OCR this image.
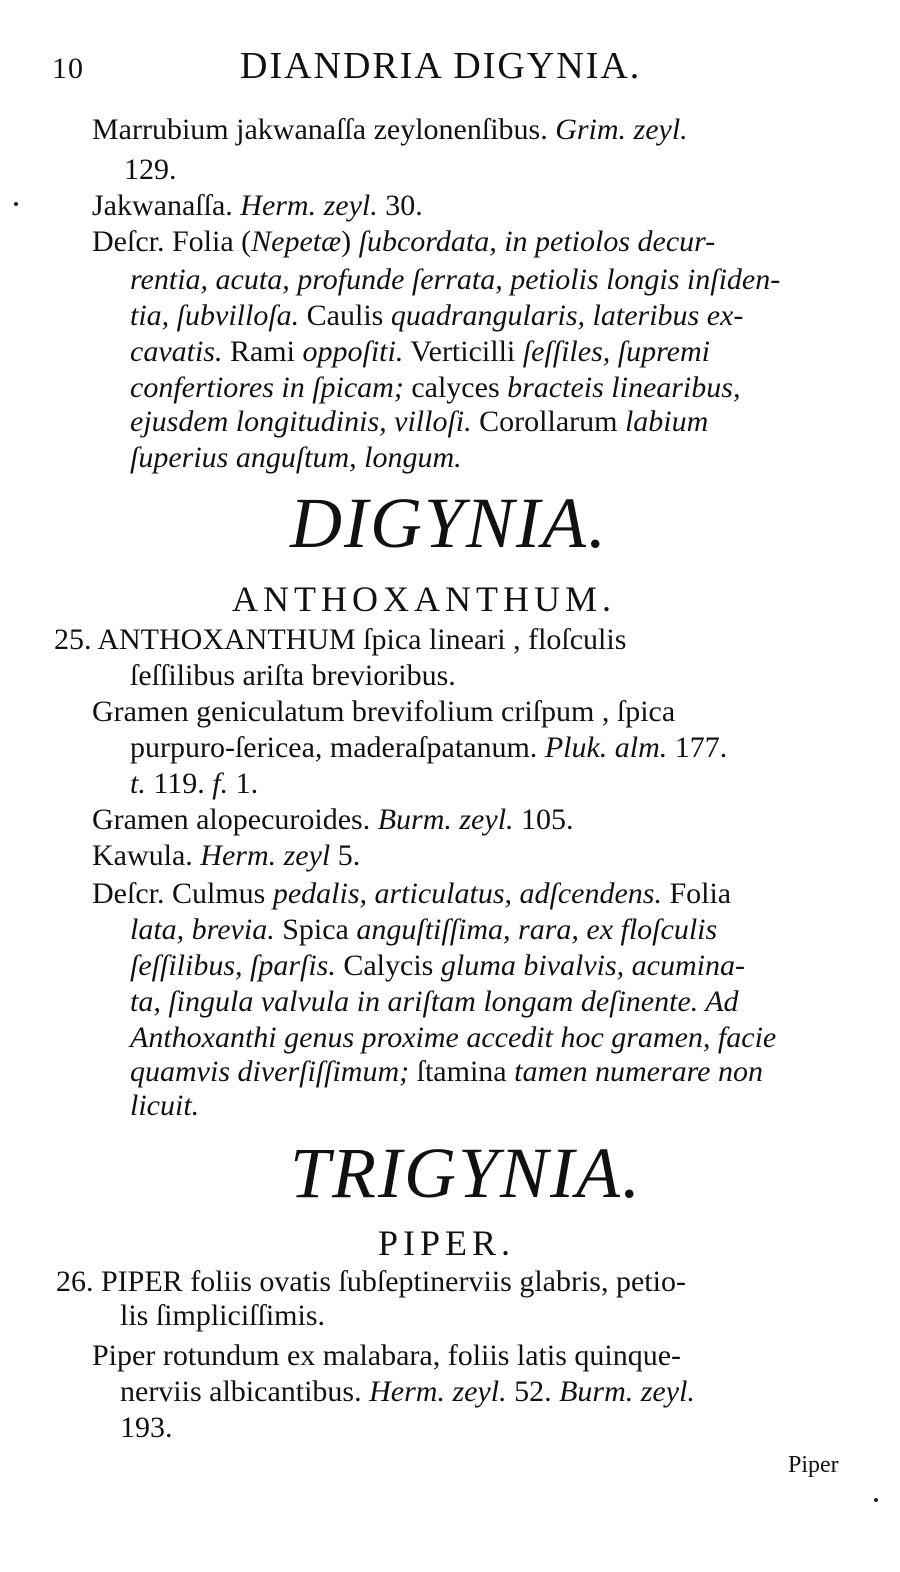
10	DIANDRIA DIGYNIA.
Marrubium jakwanaſſa zeylonenſibus. Grim. zeyl.
129.
Jakwanaſſa. Herm. zeyl. 30.
Deſcr. Folia (Nepetæ) ſubcordata, in petiolos decur-
rentia, acuta, profunde ſerrata, petiolis longis inſiden-
tia, ſubvilloſa. Caulis quadrangularis, lateribus ex-
cavatis. Rami oppoſiti. Verticilli ſeſſiles, ſupremi
confertiores in ſpicam; calyces bracteis linearibus,
ejusdem longitudinis, villoſi. Corollarum labium
ſuperius anguſtum, longum.
DIGYNIA.
ANTHOXANTHUM.
25. ANTHOXANTHUM ſpica lineari , floſculis
ſeſſilibus ariſta brevioribus.
Gramen geniculatum brevifolium criſpum , ſpica
purpuro-ſericea, maderaſpatanum. Pluk. alm. 177.
t. 119. f. 1.
Gramen alopecuroides. Burm. zeyl. 105.
Kawula. Herm. zeyl 5.
Deſcr. Culmus pedalis, articulatus, adſcendens. Folia
lata, brevia. Spica anguſtiſſima, rara, ex floſculis
ſeſſilibus, ſparſis. Calycis gluma bivalvis, acumina-
ta, ſingula valvula in ariſtam longam deſinente. Ad
Anthoxanthi genus proxime accedit hoc gramen, facie
quamvis diverſiſſimum; ſtamina tamen numerare non
licuit.
TRIGYNIA.
PIPER.
26. PIPER foliis ovatis ſubſeptinerviis glabris, petio-
lis ſimpliciſſimis.
Piper rotundum ex malabara, foliis latis quinque-
nerviis albicantibus. Herm. zeyl. 52. Burm. zeyl.
193.
Piper
